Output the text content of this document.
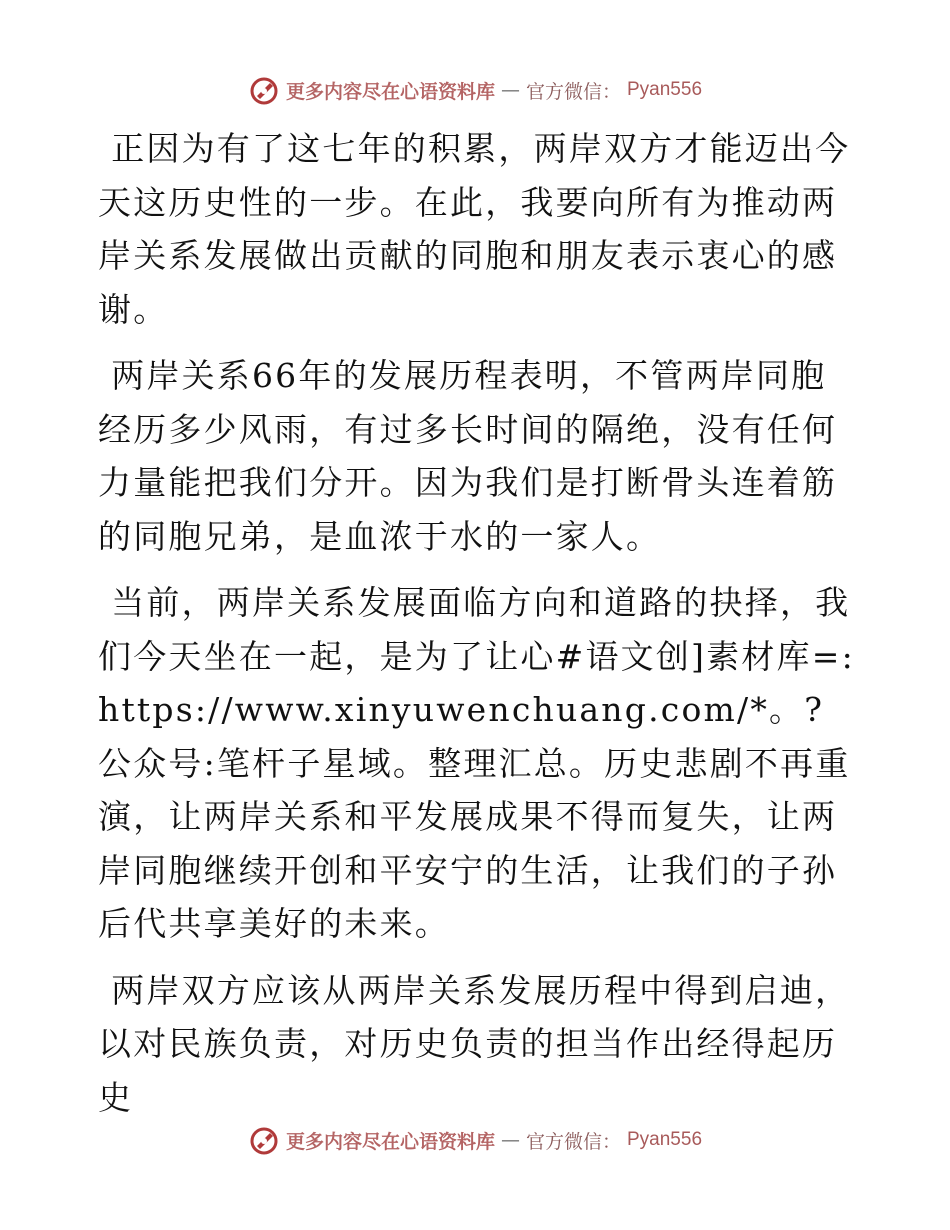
更多内容尽在心语资料库 — 官方微信： Pyan556

正因为有了这七年的积累，两岸双方才能迈出今天这历史性的一步。在此，我要向所有为推动两岸关系发展做出贡献的同胞和朋友表示衷心的感谢。

两岸关系66年的发展历程表明，不管两岸同胞经历多少风雨，有过多长时间的隔绝，没有任何力量能把我们分开。因为我们是打断骨头连着筋的同胞兄弟，是血浓于水的一家人。

当前，两岸关系发展面临方向和道路的抉择，我们今天坐在一起，是为了让心#语文创]素材库=:https://www.xinyuwenchuang.com/*。?公众号:笔杆子星域。整理汇总。历史悲剧不再重演，让两岸关系和平发展成果不得而复失，让两岸同胞继续开创和平安宁的生活，让我们的子孙后代共享美好的未来。

两岸双方应该从两岸关系发展历程中得到启迪，以对民族负责，对历史负责的担当作出经得起历史

更多内容尽在心语资料库 — 官方微信： Pyan556
